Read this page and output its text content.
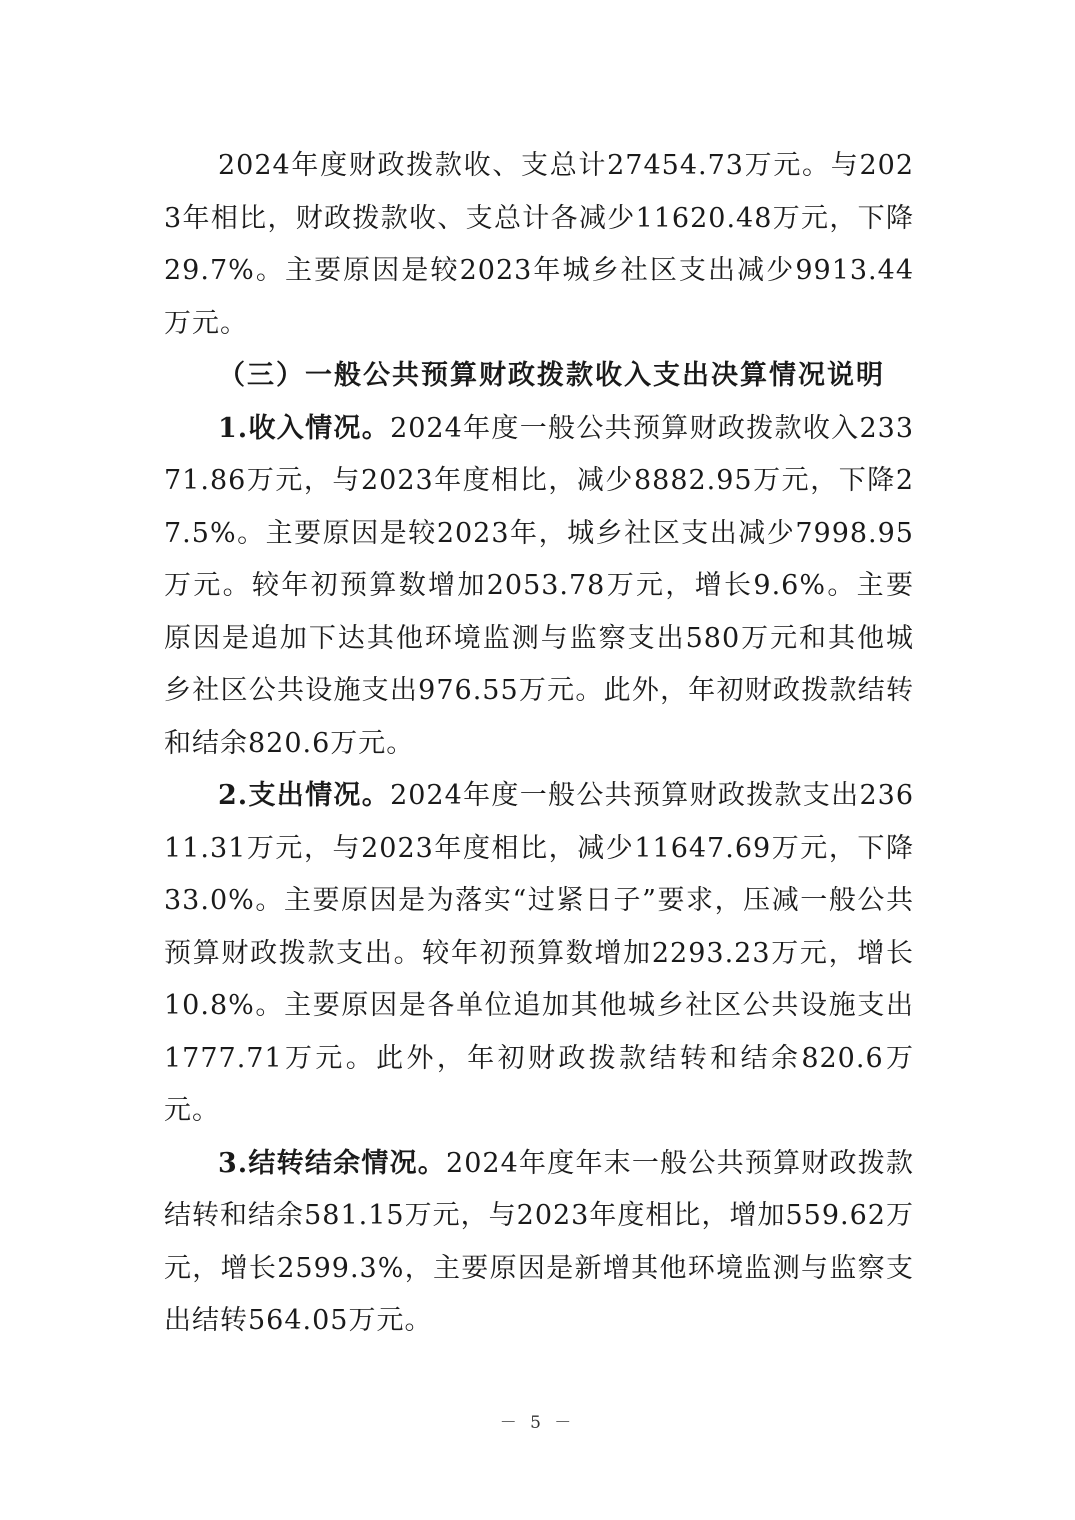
2024年度财政拨款收、支总计27454.73万元。与2023年相比，财政拨款收、支总计各减少11620.48万元，下降29.7%。主要原因是较2023年城乡社区支出减少9913.44万元。

（三）一般公共预算财政拨款收入支出决算情况说明

1.收入情况。2024年度一般公共预算财政拨款收入23371.86万元，与2023年度相比，减少8882.95万元，下降27.5%。主要原因是较2023年，城乡社区支出减少7998.95万元。较年初预算数增加2053.78万元，增长9.6%。主要原因是追加下达其他环境监测与监察支出580万元和其他城乡社区公共设施支出976.55万元。此外，年初财政拨款结转和结余820.6万元。

2.支出情况。2024年度一般公共预算财政拨款支出23611.31万元，与2023年度相比，减少11647.69万元，下降33.0%。主要原因是为落实“过紧日子”要求，压减一般公共预算财政拨款支出。较年初预算数增加2293.23万元，增长10.8%。主要原因是各单位追加其他城乡社区公共设施支出1777.71万元。此外，年初财政拨款结转和结余820.6万元。

3.结转结余情况。2024年度年末一般公共预算财政拨款结转和结余581.15万元，与2023年度相比，增加559.62万元，增长2599.3%，主要原因是新增其他环境监测与监察支出结转564.05万元。

－ 5 －
